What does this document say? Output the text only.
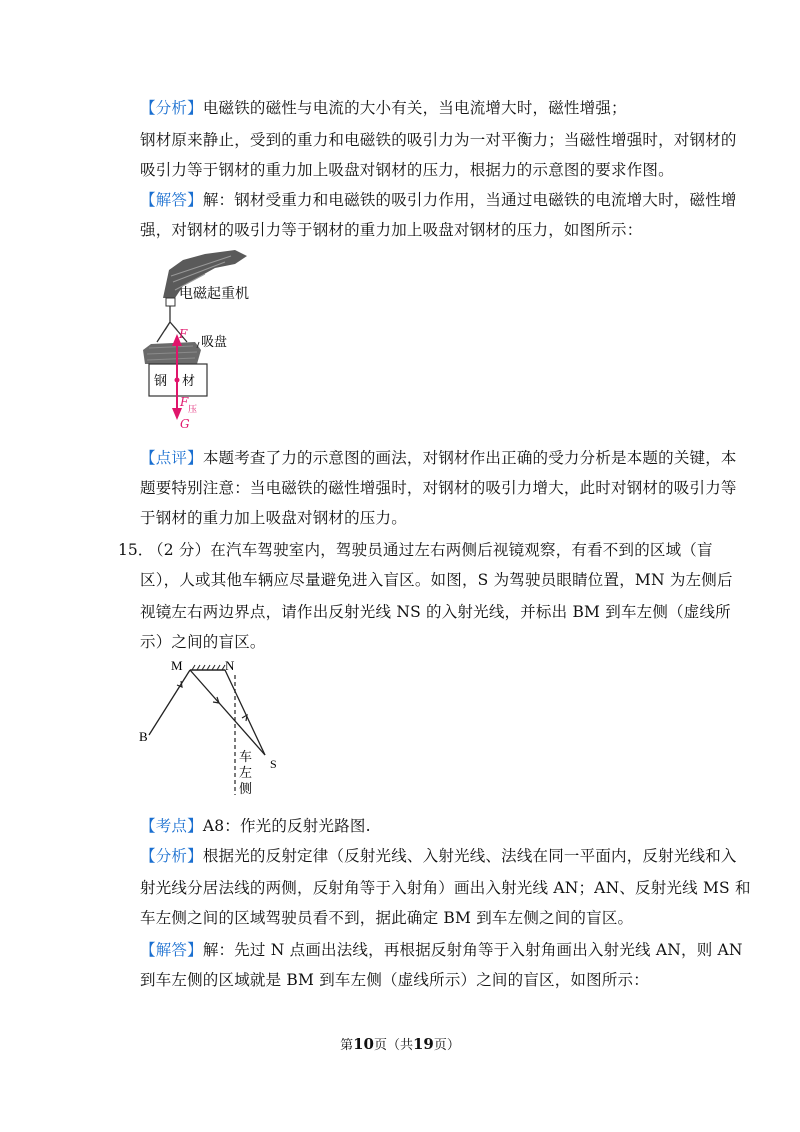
【分析】电磁铁的磁性与电流的大小有关，当电流增大时，磁性增强；
钢材原来静止，受到的重力和电磁铁的吸引力为一对平衡力；当磁性增强时，对钢材的
吸引力等于钢材的重力加上吸盘对钢材的压力，根据力的示意图的要求作图。
【解答】解：钢材受重力和电磁铁的吸引力作用，当通过电磁铁的电流增大时，磁性增
强，对钢材的吸引力等于钢材的重力加上吸盘对钢材的压力，如图所示：
电磁起重机
吸盘
钢 材
F
F
压
G
【点评】本题考查了力的示意图的画法，对钢材作出正确的受力分析是本题的关键，本
题要特别注意：当电磁铁的磁性增强时，对钢材的吸引力增大，此时对钢材的吸引力等
于钢材的重力加上吸盘对钢材的压力。
15．
（2 分）在汽车驾驶室内，驾驶员通过左右两侧后视镜观察，有看不到的区域（盲
区），人或其他车辆应尽量避免进入盲区。如图，S 为驾驶员眼睛位置，MN 为左侧后
视镜左右两边界点，请作出反射光线 NS 的入射光线，并标出 BM 到车左侧（虚线所
示）之间的盲区。
M	N
B
S
车
左
侧
【考点】A8：作光的反射光路图.
【分析】根据光的反射定律（反射光线、入射光线、法线在同一平面内，反射光线和入
射光线分居法线的两侧，反射角等于入射角）画出入射光线 AN；AN、反射光线 MS 和
车左侧之间的区域驾驶员看不到，据此确定 BM 到车左侧之间的盲区。
【解答】解：先过 N 点画出法线，再根据反射角等于入射角画出入射光线 AN，则 AN
到车左侧的区域就是 BM 到车左侧（虚线所示）之间的盲区，如图所示：
第10页（共19页）
